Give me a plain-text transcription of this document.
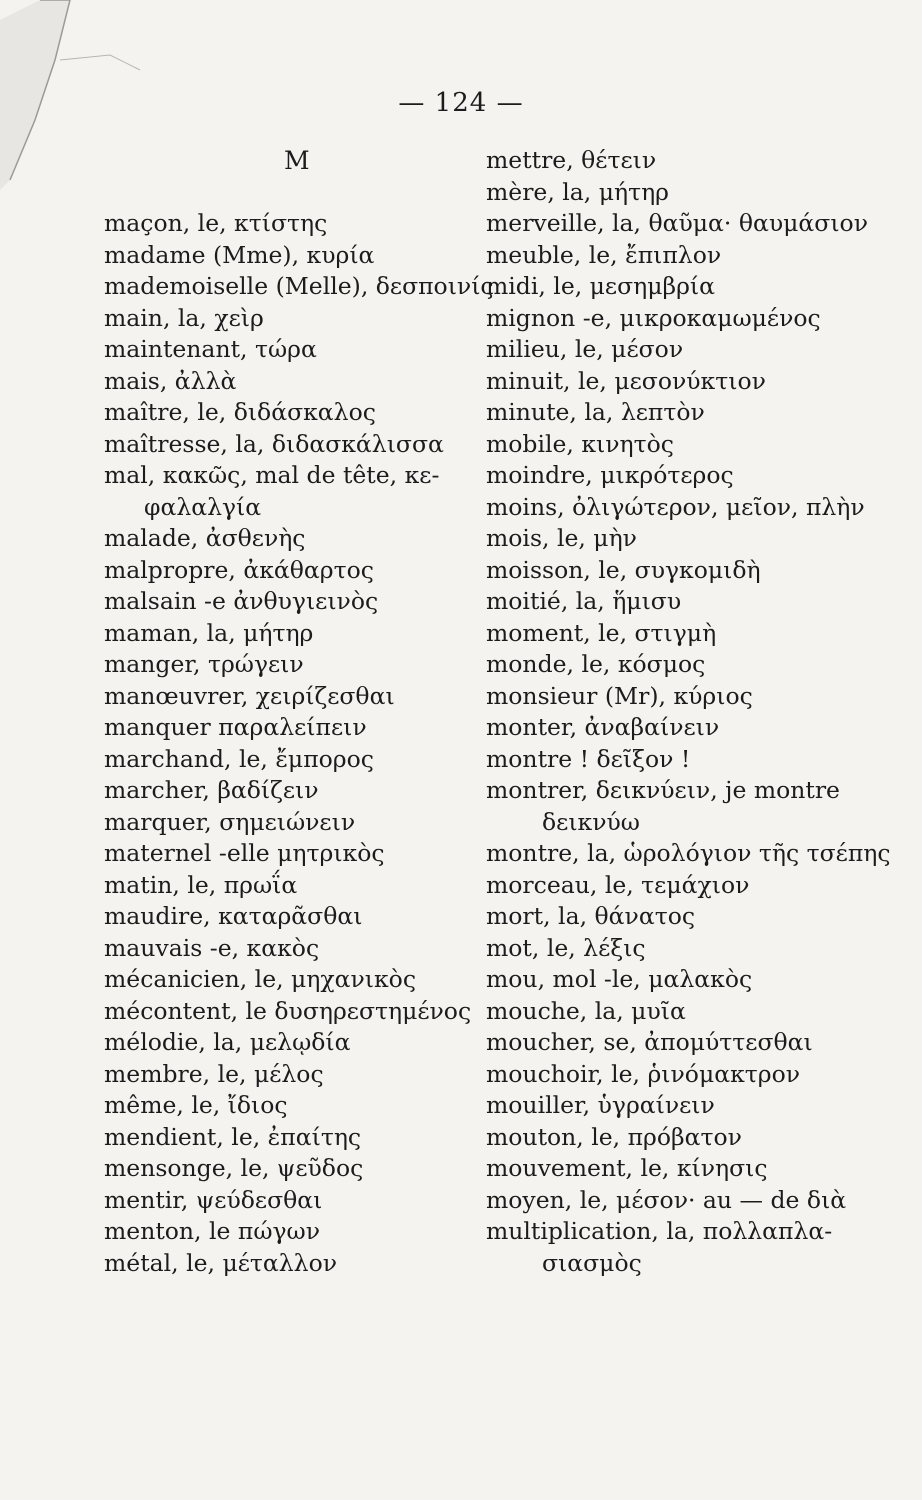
— 124 —
M
maçon, le, κτίστης
madame (Mme), κυρία
mademoiselle (Melle), δεσποινίς
main, la, χεὶρ
maintenant, τώρα
mais, ἀλλὰ
maître, le, διδάσκαλος
maîtresse, la, διδασκάλισσα
mal, κακῶς, mal de tête, κε-
φαλαλγία
malade, ἀσθενὴς
malpropre, ἀκάθαρτος
malsain -e ἀνθυγιεινὸς
maman, la, μήτηρ
manger, τρώγειν
manœuvrer, χειρίζεσθαι
manquer παραλείπειν
marchand, le, ἔμπορος
marcher, βαδίζειν
marquer, σημειώνειν
maternel -elle μητρικὸς
matin, le, πρωΐα
maudire, καταρᾶσθαι
mauvais -e, κακὸς
mécanicien, le, μηχανικὸς
mécontent, le δυσηρεστημένος
mélodie, la, μελῳδία
membre, le, μέλος
même, le, ἴδιος
mendient, le, ἐπαίτης
mensonge, le, ψεῦδος
mentir, ψεύδεσθαι
menton, le πώγων
métal, le, μέταλλον
mettre, θέτειν
mère, la, μήτηρ
merveille, la, θαῦμα· θαυμάσιον
meuble, le, ἔπιπλον
midi, le, μεσημβρία
mignon -e, μικροκαμωμένος
milieu, le, μέσον
minuit, le, μεσονύκτιον
minute, la, λεπτὸν
mobile, κινητὸς
moindre, μικρότερος
moins, ὀλιγώτερον, μεῖον, πλὴν
mois, le, μὴν
moisson, le, συγκομιδὴ
moitié, la, ἥμισυ
moment, le, στιγμὴ
monde, le, κόσμος
monsieur (Mr), κύριος
monter, ἀναβαίνειν
montre ! δεῖξον !
montrer, δεικνύειν, je montre
δεικνύω
montre, la, ὡρολόγιον τῆς τσέπης
morceau, le, τεμάχιον
mort, la, θάνατος
mot, le, λέξις
mou, mol -le, μαλακὸς
mouche, la, μυῖα
moucher, se, ἀπομύττεσθαι
mouchoir, le, ῥινόμακτρον
mouiller, ὑγραίνειν
mouton, le, πρόβατον
mouvement, le, κίνησις
moyen, le, μέσον· au — de διὰ
multiplication, la, πολλαπλα-
σιασμὸς
